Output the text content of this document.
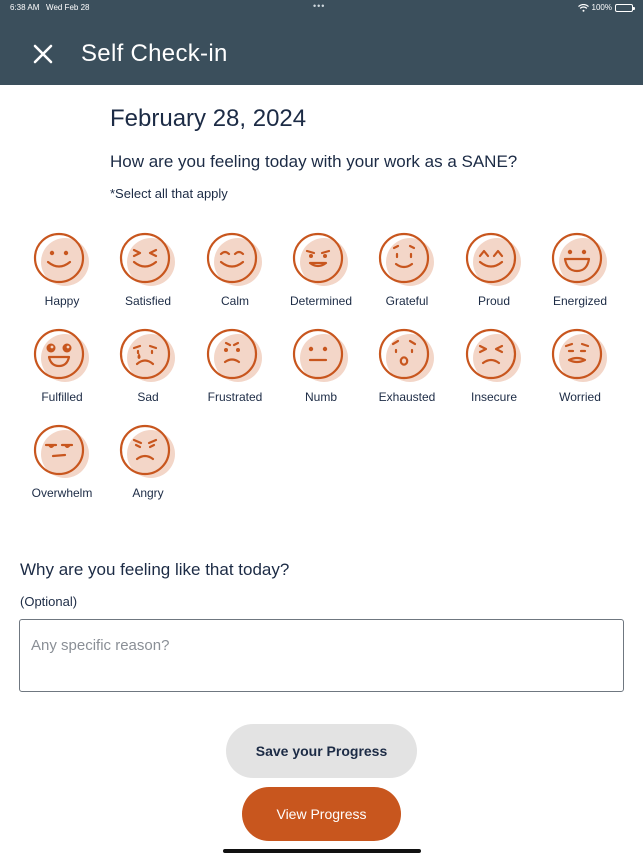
6:38 AM Wed Feb 28	•••	100%
Self Check-in
February 28, 2024
How are you feeling today with your work as a SANE?
*Select all that apply
Happy	Satisfied	Calm	Determined	Grateful	Proud	Energized
Fulfilled	Sad	Frustrated	Numb	Exhausted	Insecure	Worried
Overwhelm	Angry
Why are you feeling like that today?
(Optional)
Any specific reason?
Save your Progress
View Progress
